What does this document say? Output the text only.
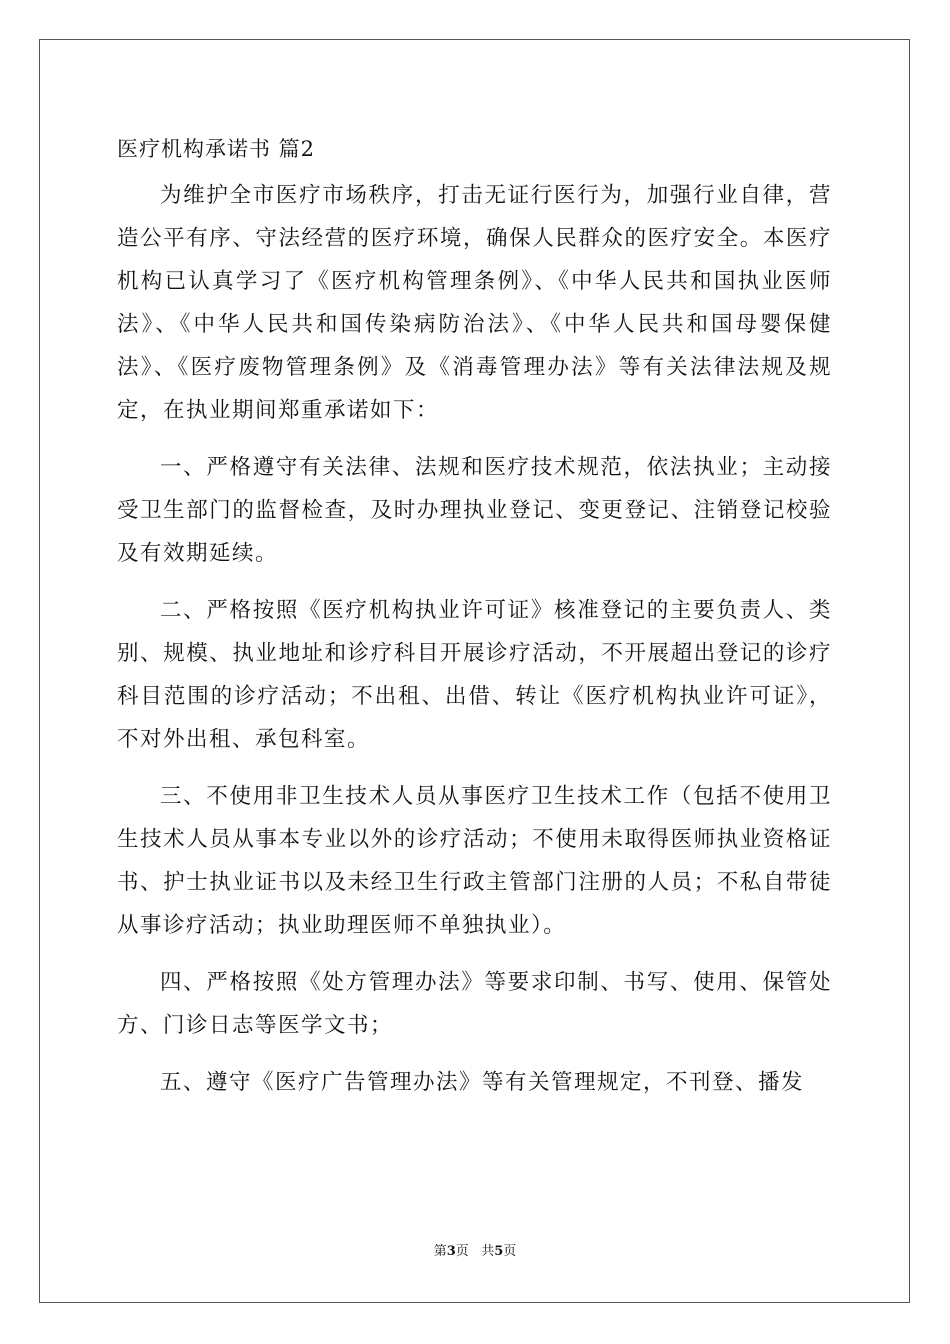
医疗机构承诺书 篇2

为维护全市医疗市场秩序，打击无证行医行为，加强行业自律，营造公平有序、守法经营的医疗环境，确保人民群众的医疗安全。本医疗机构已认真学习了《医疗机构管理条例》、《中华人民共和国执业医师法》、《中华人民共和国传染病防治法》、《中华人民共和国母婴保健法》、《医疗废物管理条例》及《消毒管理办法》等有关法律法规及规定，在执业期间郑重承诺如下：

一、严格遵守有关法律、法规和医疗技术规范，依法执业；主动接受卫生部门的监督检查，及时办理执业登记、变更登记、注销登记校验及有效期延续。

二、严格按照《医疗机构执业许可证》核准登记的主要负责人、类别、规模、执业地址和诊疗科目开展诊疗活动，不开展超出登记的诊疗科目范围的诊疗活动；不出租、出借、转让《医疗机构执业许可证》，不对外出租、承包科室。

三、不使用非卫生技术人员从事医疗卫生技术工作（包括不使用卫生技术人员从事本专业以外的诊疗活动；不使用未取得医师执业资格证书、护士执业证书以及未经卫生行政主管部门注册的人员；不私自带徒从事诊疗活动；执业助理医师不单独执业）。

四、严格按照《处方管理办法》等要求印制、书写、使用、保管处方、门诊日志等医学文书；

五、遵守《医疗广告管理办法》等有关管理规定，不刊登、播发

第3页 共5页
